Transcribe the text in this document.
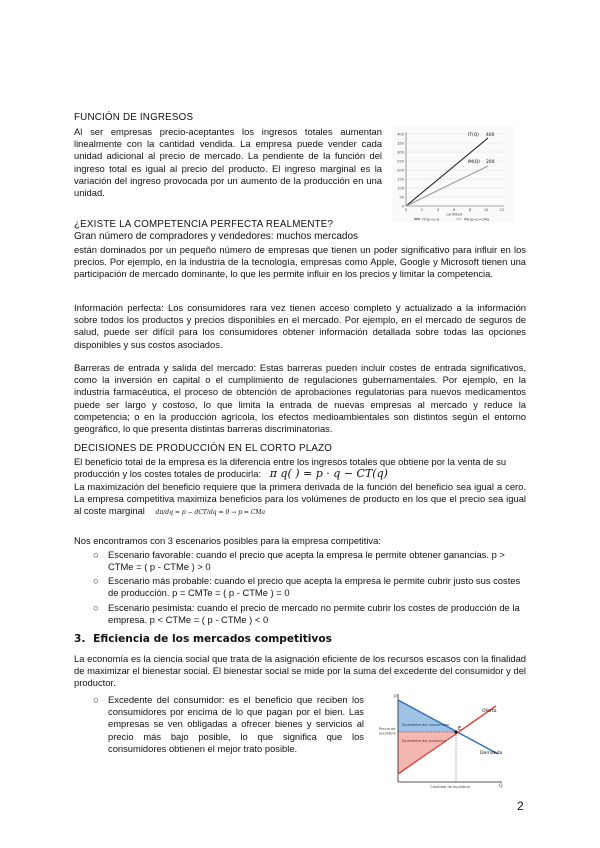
FUNCIÓN DE INGRESOS
Al ser empresas precio-aceptantes los ingresos totales aumentan linealmente con la cantidad vendida. La empresa puede vender cada unidad adicional al precio de mercado. La pendiente de la función del ingreso total es igual al precio del producto. El ingreso marginal es la variación del ingreso provocada por un aumento de la producción en una unidad.
400
350
300
250
200
150
100
50
0
0	2	4	6	8	10	12
IT(Q) 400
IM(Q) 200
cantidad
IT(q)=p·q	IM(q)=p=CMa
¿EXISTE LA COMPETENCIA PERFECTA REALMENTE?
Gran número de compradores y vendedores: muchos mercados
están dominados por un pequeño número de empresas que tienen un poder significativo para influir en los precios. Por ejemplo, en la industria de la tecnología, empresas como Apple, Google y Microsoft tienen una participación de mercado dominante, lo que les permite influir en los precios y limitar la competencia.
Información perfecta: Los consumidores rara vez tienen acceso completo y actualizado a la información sobre todos los productos y precios disponibles en el mercado. Por ejemplo, en el mercado de seguros de salud, puede ser difícil para los consumidores obtener información detallada sobre todas las opciones disponibles y sus costos asociados.
Barreras de entrada y salida del mercado: Estas barreras pueden incluir costes de entrada significativos, como la inversión en capital o el cumplimiento de regulaciones gubernamentales. Por ejemplo, en la industria farmacéutica, el proceso de obtención de aprobaciones regulatorias para nuevos medicamentos puede ser largo y costoso, lo que limita la entrada de nuevas empresas al mercado y reduce la competencia; o en la producción agrícola, los efectos medioambientales son distintos según el entorno geográfico, lo que presenta distintas barreras discriminatorias.
DECISIONES DE PRODUCCIÓN EN EL CORTO PLAZO
El beneficio total de la empresa es la diferencia entre los ingresos totales que obtiene por la venta de su producción y los costes totales de producirla: π q( ) = p · q − CT(q)
La maximización del beneficio requiere que la primera derivada de la función del beneficio sea igual a cero. La empresa competitiva maximiza beneficios para los volúmenes de producto en los que el precio sea igual al coste marginal dπ/dq = p − dCT/dq = 0 → p = CMa
Nos encontramos con 3 escenarios posibles para la empresa competitiva:
○ Escenario favorable: cuando el precio que acepta la empresa le permite obtener ganancias. p > CTMe = ( p - CTMe ) > 0
○ Escenario más probable: cuando el precio que acepta la empresa le permite cubrir justo sus costes de producción. p = CMTe = ( p - CTMe ) = 0
○ Escenario pesimista: cuando el precio de mercado no permite cubrir los costes de producción de la empresa. p < CTMe = ( p - CTMe ) < 0
3. Eficiencia de los mercados competitivos
La economía es la ciencia social que trata de la asignación eficiente de los recursos escasos con la finalidad de maximizar el bienestar social. El bienestar social se mide por la suma del excedente del consumidor y del productor.
○ Excedente del consumidor: es el beneficio que reciben los consumidores por encima de lo que pagan por el bien. Las empresas se ven obligadas a ofrecer bienes y servicios al precio más bajo posible, lo que significa que los consumidores obtienen el mejor trato posible.
P
Q
Precio de
equilibrio
Excedente del consumidor
Excedente del productor
E
Oferta
Demanda
Cantidad de equilibrio
2
